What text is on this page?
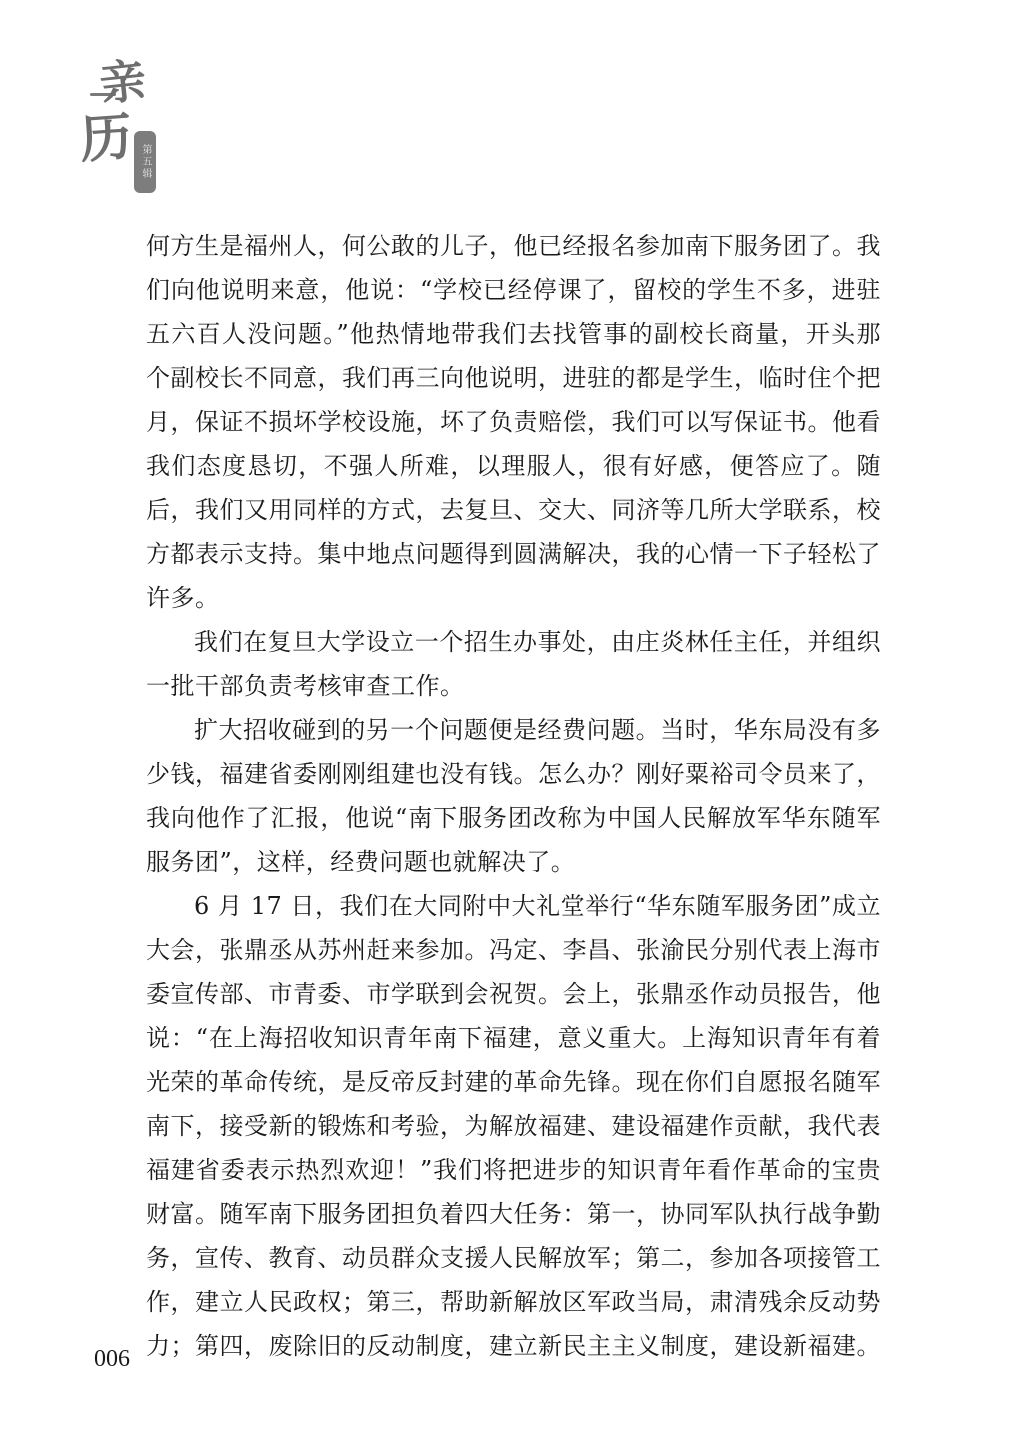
亲
历 第五辑

何方生是福州人，何公敢的儿子，他已经报名参加南下服务团了。我们向他说明来意，他说：“学校已经停课了，留校的学生不多，进驻五六百人没问题。”他热情地带我们去找管事的副校长商量，开头那个副校长不同意，我们再三向他说明，进驻的都是学生，临时住个把月，保证不损坏学校设施，坏了负责赔偿，我们可以写保证书。他看我们态度恳切，不强人所难，以理服人，很有好感，便答应了。随后，我们又用同样的方式，去复旦、交大、同济等几所大学联系，校方都表示支持。集中地点问题得到圆满解决，我的心情一下子轻松了许多。

我们在复旦大学设立一个招生办事处，由庄炎林任主任，并组织一批干部负责考核审查工作。

扩大招收碰到的另一个问题便是经费问题。当时，华东局没有多少钱，福建省委刚刚组建也没有钱。怎么办？刚好粟裕司令员来了，我向他作了汇报，他说“南下服务团改称为中国人民解放军华东随军服务团”，这样，经费问题也就解决了。

6 月 17 日，我们在大同附中大礼堂举行“华东随军服务团”成立大会，张鼎丞从苏州赶来参加。冯定、李昌、张渝民分别代表上海市委宣传部、市青委、市学联到会祝贺。会上，张鼎丞作动员报告，他说：“在上海招收知识青年南下福建，意义重大。上海知识青年有着光荣的革命传统，是反帝反封建的革命先锋。现在你们自愿报名随军南下，接受新的锻炼和考验，为解放福建、建设福建作贡献，我代表福建省委表示热烈欢迎！”我们将把进步的知识青年看作革命的宝贵财富。随军南下服务团担负着四大任务：第一，协同军队执行战争勤务，宣传、教育、动员群众支援人民解放军；第二，参加各项接管工作，建立人民政权；第三，帮助新解放区军政当局，肃清残余反动势力；第四，废除旧的反动制度，建立新民主主义制度，建设新福建。

006
